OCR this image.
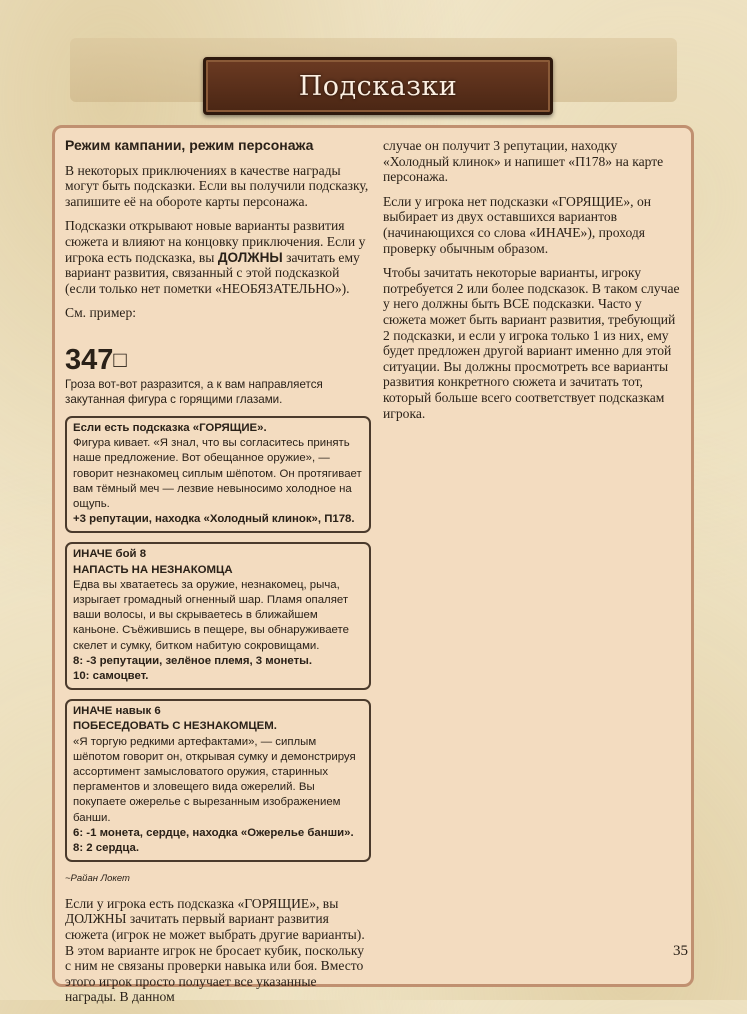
Подсказки

Режим кампании, режим персонажа

В некоторых приключениях в качестве награды могут быть подсказки. Если вы получили подсказку, запишите её на обороте карты персонажа.

Подсказки открывают новые варианты развития сюжета и влияют на концовку приключения. Если у игрока есть подсказка, вы ДОЛЖНЫ зачитать ему вариант развития, связанный с этой подсказкой (если только нет пометки «НЕОБЯЗАТЕЛЬНО»).

См. пример:

347□

Гроза вот-вот разразится, а к вам направляется закутанная фигура с горящими глазами.

Если есть подсказка «ГОРЯЩИЕ».
Фигура кивает. «Я знал, что вы согласитесь принять наше предложение. Вот обещанное оружие», — говорит незнакомец сиплым шёпотом. Он протягивает вам тёмный меч — лезвие невыносимо холодное на ощупь.
+3 репутации, находка «Холодный клинок», П178.
ИНАЧЕ бой 8
НАПАСТЬ НА НЕЗНАКОМЦА
Едва вы хватаетесь за оружие, незнакомец, рыча, изрыгает громадный огненный шар. Пламя опаляет ваши волосы, и вы скрываетесь в ближайшем каньоне. Съёжившись в пещере, вы обнаруживаете скелет и сумку, битком набитую сокровищами.
8: -3 репутации, зелёное племя, 3 монеты.
10: самоцвет.
ИНАЧЕ навык 6
ПОБЕСЕДОВАТЬ С НЕЗНАКОМЦЕМ.
«Я торгую редкими артефактами», — сиплым шёпотом говорит он, открывая сумку и демонстрируя ассортимент замысловатого оружия, старинных пергаментов и зловещего вида ожерелий. Вы покупаете ожерелье с вырезанным изображением банши.
6: -1 монета, сердце, находка «Ожерелье банши».
8: 2 сердца.

~Райан Локет

Если у игрока есть подсказка «ГОРЯЩИЕ», вы ДОЛЖНЫ зачитать первый вариант развития сюжета (игрок не может выбрать другие варианты). В этом варианте игрок не бросает кубик, поскольку с ним не связаны проверки навыка или боя. Вместо этого игрок просто получает все указанные награды. В данном

случае он получит 3 репутации, находку «Холодный клинок» и напишет «П178» на карте персонажа.

Если у игрока нет подсказки «ГОРЯЩИЕ», он выбирает из двух оставшихся вариантов (начинающихся со слова «ИНАЧЕ»), проходя проверку обычным образом.

Чтобы зачитать некоторые варианты, игроку потребуется 2 или более подсказок. В таком случае у него должны быть ВСЕ подсказки. Часто у сюжета может быть вариант развития, требующий 2 подсказки, и если у игрока только 1 из них, ему будет предложен другой вариант именно для этой ситуации. Вы должны просмотреть все варианты развития конкретного сюжета и зачитать тот, который больше всего соответствует подсказкам игрока.

35
